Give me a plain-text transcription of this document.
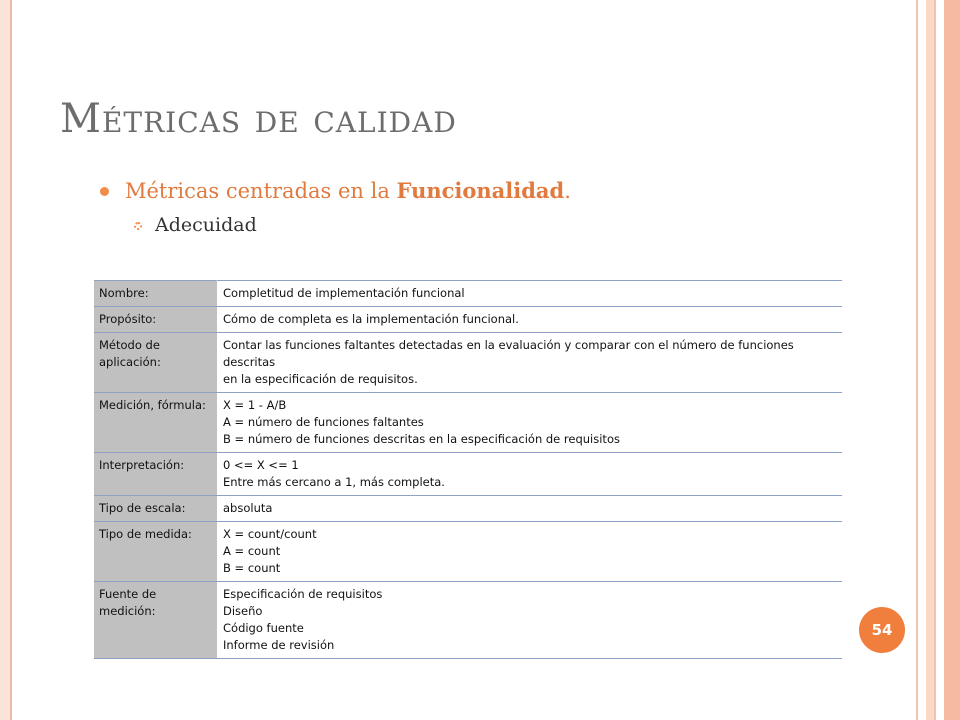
Métricas de calidad
Métricas centradas en la Funcionalidad.
Adecuidad
Nombre:	Completitud de implementación funcional

Propósito:	Cómo de completa es la implementación funcional.

Método de
aplicación:	Contar las funciones faltantes detectadas en la evaluación y comparar con el número de funciones descritas
en la especificación de requisitos.

Medición, fórmula:	X = 1 - A/B
A = número de funciones faltantes
B = número de funciones descritas en la especificación de requisitos

Interpretación:	0 <= X <= 1
Entre más cercano a 1, más completa.

Tipo de escala:	absoluta

Tipo de medida:	X = count/count
A = count
B = count

Fuente de
medición:	Especificación de requisitos
Diseño
Código fuente
Informe de revisión
54
